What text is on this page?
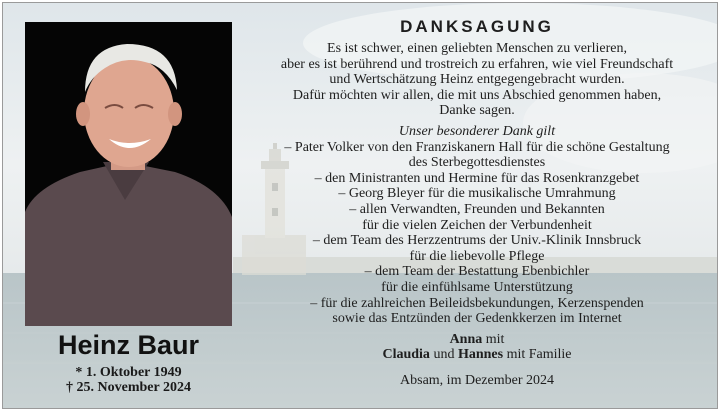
Heinz Baur
* 1. Oktober 1949
† 25. November 2024
DANKSAGUNG
Es ist schwer, einen geliebten Menschen zu verlieren,
aber es ist berührend und trostreich zu erfahren, wie viel Freundschaft
und Wertschätzung Heinz entgegengebracht wurden.
Dafür möchten wir allen, die mit uns Abschied genommen haben,
Danke sagen.
Unser besonderer Dank gilt
– Pater Volker von den Franziskanern Hall für die schöne Gestaltung
des Sterbegottesdienstes
– den Ministranten und Hermine für das Rosenkranzgebet
– Georg Bleyer für die musikalische Umrahmung
– allen Verwandten, Freunden und Bekannten
für die vielen Zeichen der Verbundenheit
– dem Team des Herzzentrums der Univ.-Klinik Innsbruck
für die liebevolle Pflege
– dem Team der Bestattung Ebenbichler
für die einfühlsame Unterstützung
– für die zahlreichen Beileidsbekundungen, Kerzenspenden
sowie das Entzünden der Gedenkkerzen im Internet
Anna mit
Claudia und Hannes mit Familie
Absam, im Dezember 2024
